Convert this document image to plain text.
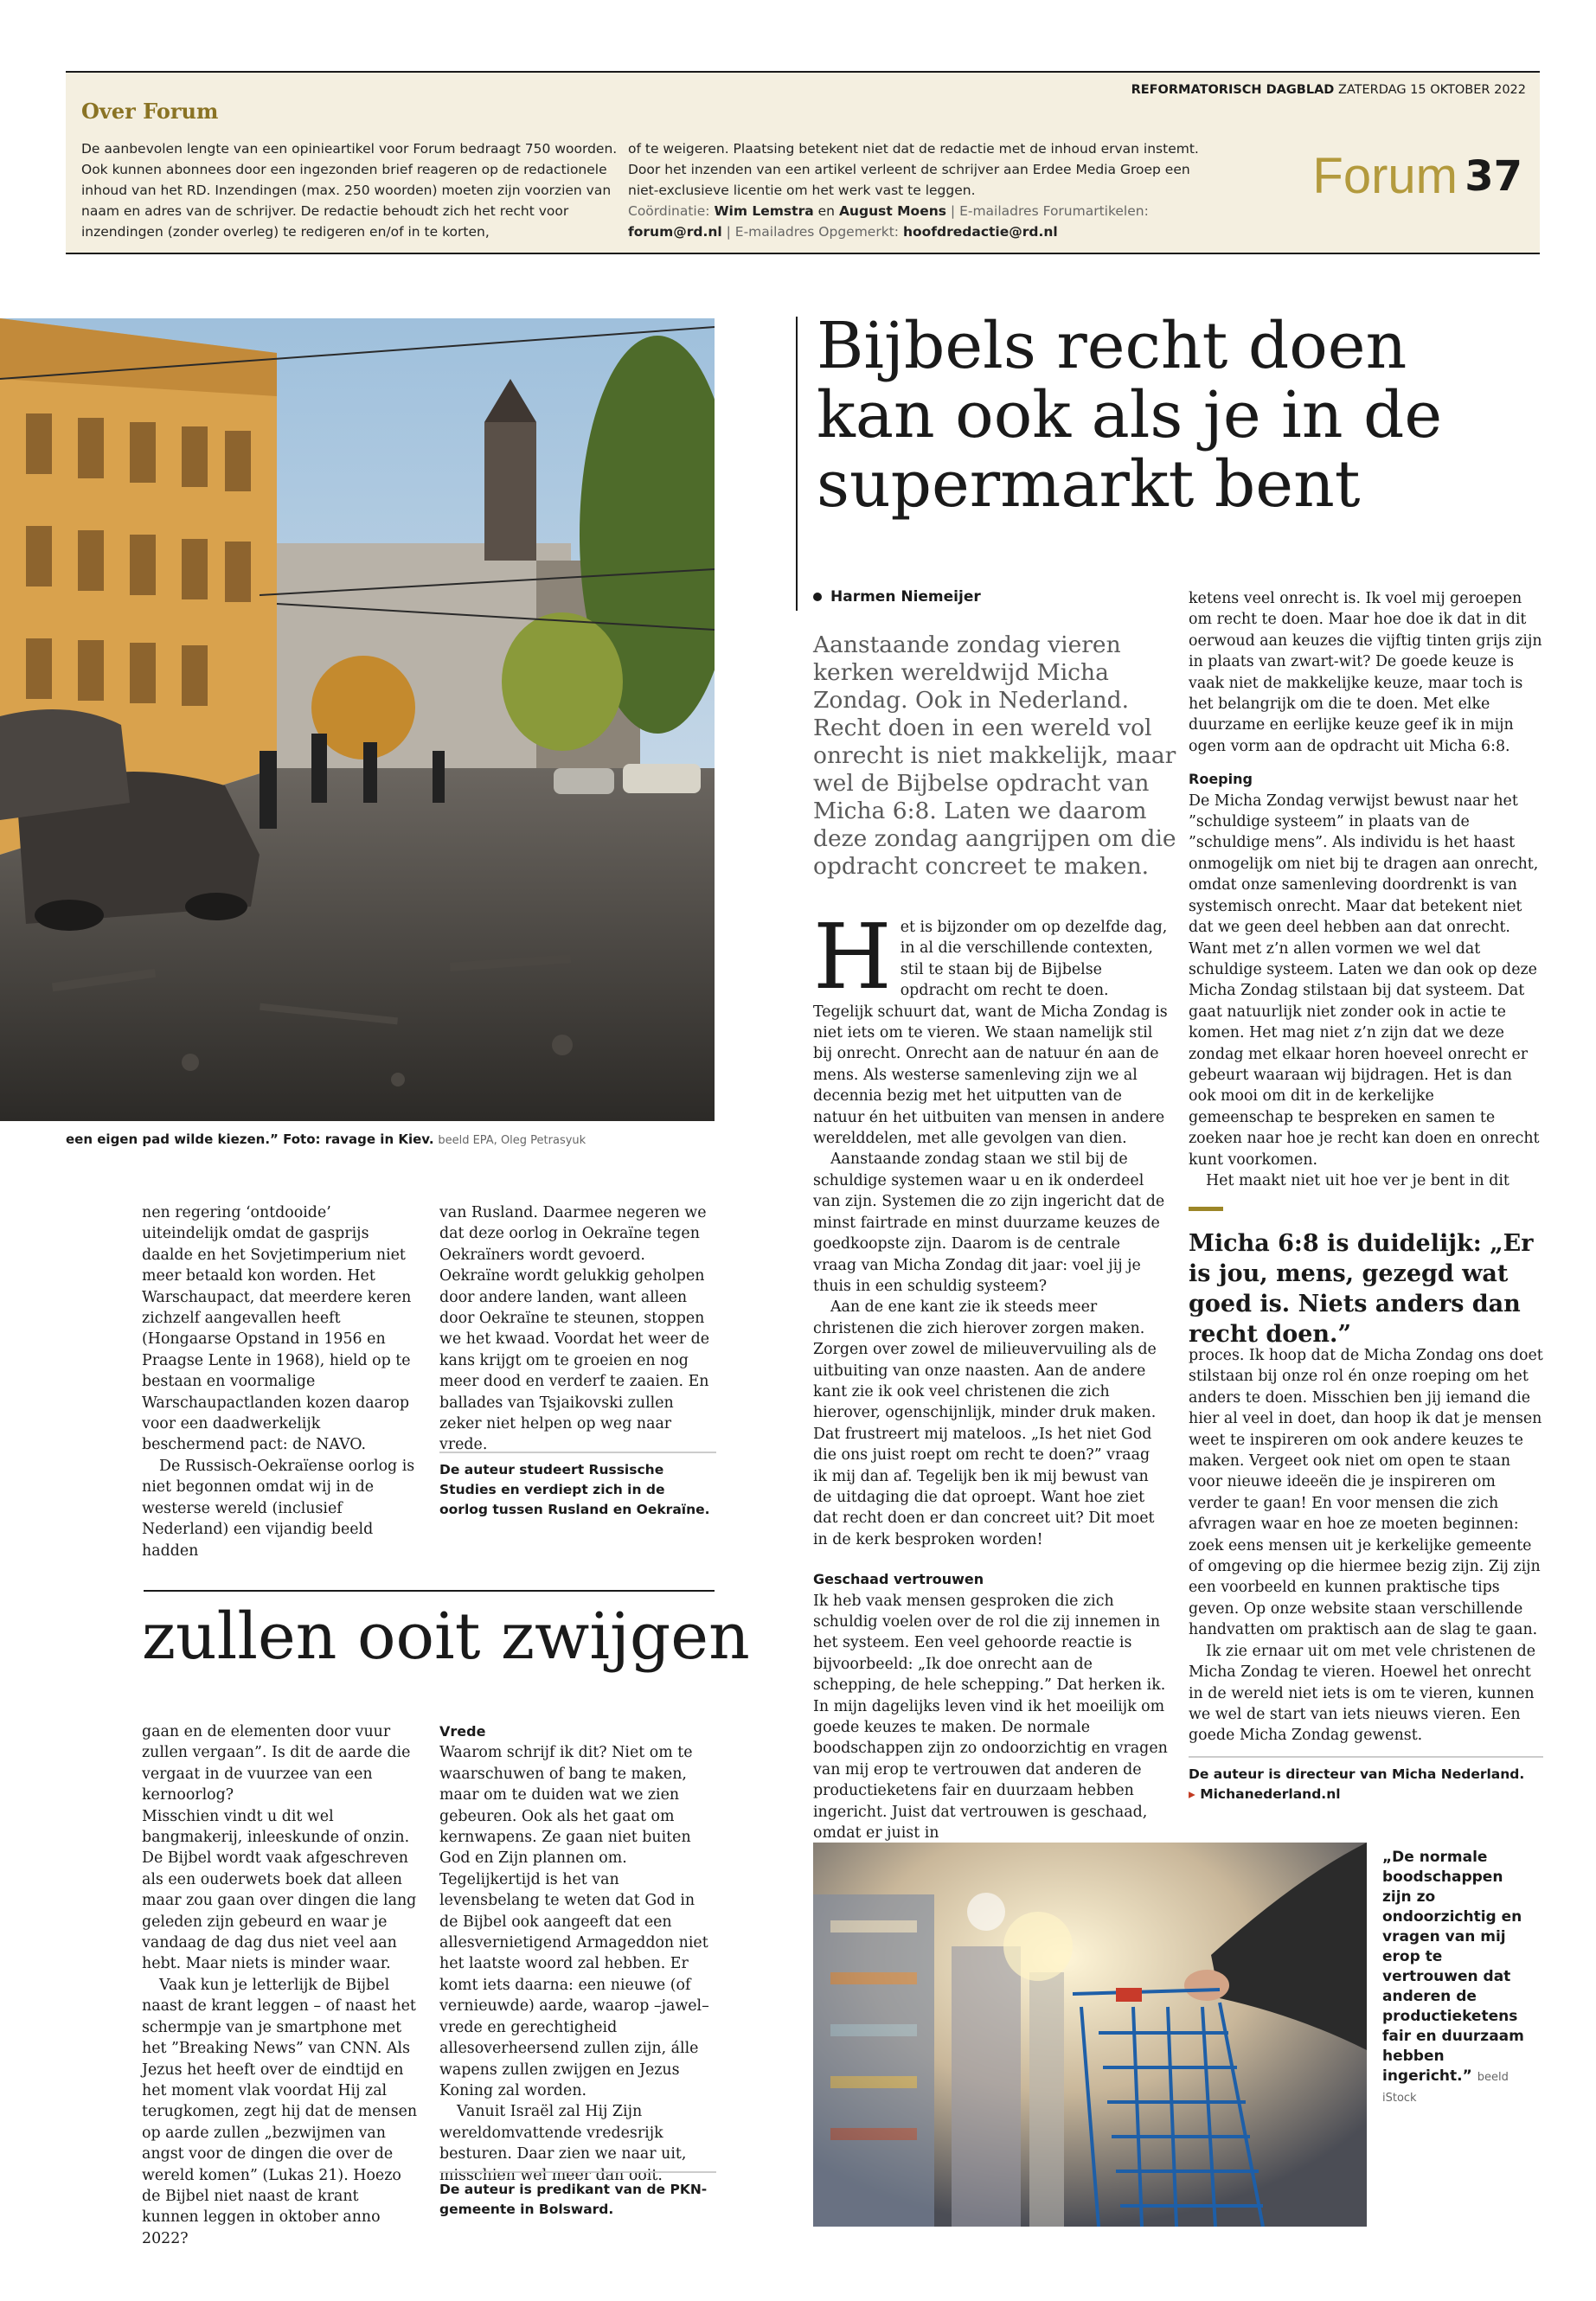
Over Forum

De aanbevolen lengte van een opinieartikel voor Forum bedraagt 750 woorden. Ook kunnen abonnees door een ingezonden brief reageren op de redactionele inhoud van het RD. Inzendingen (max. 250 woorden) moeten zijn voorzien van naam en adres van de schrijver. De redactie behoudt zich het recht voor inzendingen (zonder overleg) te redigeren en/of in te korten,

of te weigeren. Plaatsing betekent niet dat de redactie met de inhoud ervan instemt. Door het inzenden van een artikel verleent de schrijver aan Erdee Media Groep een niet-exclusieve licentie om het werk vast te leggen.

Coördinatie: Wim Lemstra en August Moens | E-mailadres Forumartikelen:

forum@rd.nl | E-mailadres Opgemerkt: hoofdredactie@rd.nl

REFORMATORISCH DAGBLAD ZATERDAG 15 OKTOBER 2022
Forum 37
een eigen pad wilde kiezen.” Foto: ravage in Kiev. beeld EPA, Oleg Petrasyuk

nen regering ‘ontdooide’ uiteindelijk omdat de gasprijs daalde en het Sovjetimperium niet meer betaald kon worden. Het Warschaupact, dat meerdere keren zichzelf aangevallen heeft (Hongaarse Opstand in 1956 en Praagse Lente in 1968), hield op te bestaan en voormalige Warschaupactlanden kozen daarop voor een daadwerkelijk beschermend pact: de NAVO.

De Russisch-Oekraïense oorlog is niet begonnen omdat wij in de westerse wereld (inclusief Nederland) een vijandig beeld hadden

van Rusland. Daarmee negeren we dat deze oorlog in Oekraïne tegen Oekraïners wordt gevoerd. Oekraïne wordt gelukkig geholpen door andere landen, want alleen door Oekraïne te steunen, stoppen we het kwaad. Voordat het weer de kans krijgt om te groeien en nog meer dood en verderf te zaaien. En ballades van Tsjaikovski zullen zeker niet helpen op weg naar vrede.

De auteur studeert Russische Studies en verdiept zich in de oorlog tussen Rusland en Oekraïne.
zullen ooit zwijgen

gaan en de elementen door vuur zullen vergaan”. Is dit de aarde die vergaat in de vuurzee van een kernoorlog?

Misschien vindt u dit wel bangmakerij, inleeskunde of onzin. De Bijbel wordt vaak afgeschreven als een ouderwets boek dat alleen maar zou gaan over dingen die lang geleden zijn gebeurd en waar je vandaag de dag dus niet veel aan hebt. Maar niets is minder waar.

Vaak kun je letterlijk de Bijbel naast de krant leggen – of naast het schermpje van je smartphone met het ”Breaking News” van CNN. Als Jezus het heeft over de eindtijd en het moment vlak voordat Hij zal terugkomen, zegt hij dat de mensen op aarde zullen „bezwijmen van angst voor de dingen die over de wereld komen” (Lukas 21). Hoezo de Bijbel niet naast de krant kunnen leggen in oktober anno 2022?

Vrede

Waarom schrijf ik dit? Niet om te waarschuwen of bang te maken, maar om te duiden wat we zien gebeuren. Ook als het gaat om kernwapens. Ze gaan niet buiten God en Zijn plannen om. Tegelijkertijd is het van levensbelang te weten dat God in de Bijbel ook aangeeft dat een allesvernietigend Armageddon niet het laatste woord zal hebben. Er komt iets daarna: een nieuwe (of vernieuwde) aarde, waarop –jawel– vrede en gerechtigheid allesoverheersend zullen zijn, álle wapens zullen zwijgen en Jezus Koning zal worden.

Vanuit Israël zal Hij Zijn wereldomvattende vredesrijk besturen. Daar zien we naar uit, misschien wel meer dan ooit.

De auteur is predikant van de PKN-gemeente in Bolsward.
Bijbels recht doen kan ook als je in de supermarkt bent
Harmen Niemeijer
Aanstaande zondag vieren kerken wereldwijd Micha Zondag. Ook in Nederland. Recht doen in een wereld vol onrecht is niet makkelijk, maar wel de Bijbelse opdracht van Micha 6:8. Laten we daarom deze zondag aangrijpen om die opdracht concreet te maken.

Het is bijzonder om op dezelfde dag, in al die verschillende contexten, stil te staan bij de Bijbelse opdracht om recht te doen. Tegelijk schuurt dat, want de Micha Zondag is niet iets om te vieren. We staan namelijk stil bij onrecht. Onrecht aan de natuur én aan de mens. Als westerse samenleving zijn we al decennia bezig met het uitputten van de natuur én het uitbuiten van mensen in andere werelddelen, met alle gevolgen van dien.

Aanstaande zondag staan we stil bij de schuldige systemen waar u en ik onderdeel van zijn. Systemen die zo zijn ingericht dat de minst fairtrade en minst duurzame keuzes de goedkoopste zijn. Daarom is de centrale vraag van Micha Zondag dit jaar: voel jij je thuis in een schuldig systeem?

Aan de ene kant zie ik steeds meer christenen die zich hierover zorgen maken. Zorgen over zowel de milieuvervuiling als de uitbuiting van onze naasten. Aan de andere kant zie ik ook veel christenen die zich hierover, ogenschijnlijk, minder druk maken. Dat frustreert mij mateloos. „Is het niet God die ons juist roept om recht te doen?” vraag ik mij dan af. Tegelijk ben ik mij bewust van de uitdaging die dat oproept. Want hoe ziet dat recht doen er dan concreet uit? Dit moet in de kerk besproken worden!

Geschaad vertrouwen

Ik heb vaak mensen gesproken die zich schuldig voelen over de rol die zij innemen in het systeem. Een veel gehoorde reactie is bijvoorbeeld: „Ik doe onrecht aan de schepping, de hele schepping.” Dat herken ik. In mijn dagelijks leven vind ik het moeilijk om goede keuzes te maken. De normale boodschappen zijn zo ondoorzichtig en vragen van mij erop te vertrouwen dat anderen de productieketens fair en duurzaam hebben ingericht. Juist dat vertrouwen is geschaad, omdat er juist in

ketens veel onrecht is. Ik voel mij geroepen om recht te doen. Maar hoe doe ik dat in dit oerwoud aan keuzes die vijftig tinten grijs zijn in plaats van zwart-wit? De goede keuze is vaak niet de makkelijke keuze, maar toch is het belangrijk om die te doen. Met elke duurzame en eerlijke keuze geef ik in mijn ogen vorm aan de opdracht uit Micha 6:8.

Roeping

De Micha Zondag verwijst bewust naar het ”schuldige systeem” in plaats van de ”schuldige mens”. Als individu is het haast onmogelijk om niet bij te dragen aan onrecht, omdat onze samenleving doordrenkt is van systemisch onrecht. Maar dat betekent niet dat we geen deel hebben aan dat onrecht. Want met z’n allen vormen we wel dat schuldige systeem. Laten we dan ook op deze Micha Zondag stilstaan bij dat systeem. Dat gaat natuurlijk niet zonder ook in actie te komen. Het mag niet z’n zijn dat we deze zondag met elkaar horen hoeveel onrecht er gebeurt waaraan wij bijdragen. Het is dan ook mooi om dit in de kerkelijke gemeenschap te bespreken en samen te zoeken naar hoe je recht kan doen en onrecht kunt voorkomen.

Het maakt niet uit hoe ver je bent in dit

Micha 6:8 is duidelijk: „Er is jou, mens, gezegd wat goed is. Niets anders dan recht doen.”

proces. Ik hoop dat de Micha Zondag ons doet stilstaan bij onze rol én onze roeping om het anders te doen. Misschien ben jij iemand die hier al veel in doet, dan hoop ik dat je mensen weet te inspireren om ook andere keuzes te maken. Vergeet ook niet om open te staan voor nieuwe ideeën die je inspireren om verder te gaan! En voor mensen die zich afvragen waar en hoe ze moeten beginnen: zoek eens mensen uit je kerkelijke gemeente of omgeving op die hiermee bezig zijn. Zij zijn een voorbeeld en kunnen praktische tips geven. Op onze website staan verschillende handvatten om praktisch aan de slag te gaan.

Ik zie ernaar uit om met vele christenen de Micha Zondag te vieren. Hoewel het onrecht in de wereld niet iets is om te vieren, kunnen we wel de start van iets nieuws vieren. Een goede Micha Zondag gewenst.

De auteur is directeur van Micha Nederland.
▸ Michanederland.nl
„De normale boodschappen zijn zo ondoorzichtig en vragen van mij erop te vertrouwen dat anderen de productieketens fair en duurzaam hebben ingericht.” beeld iStock
